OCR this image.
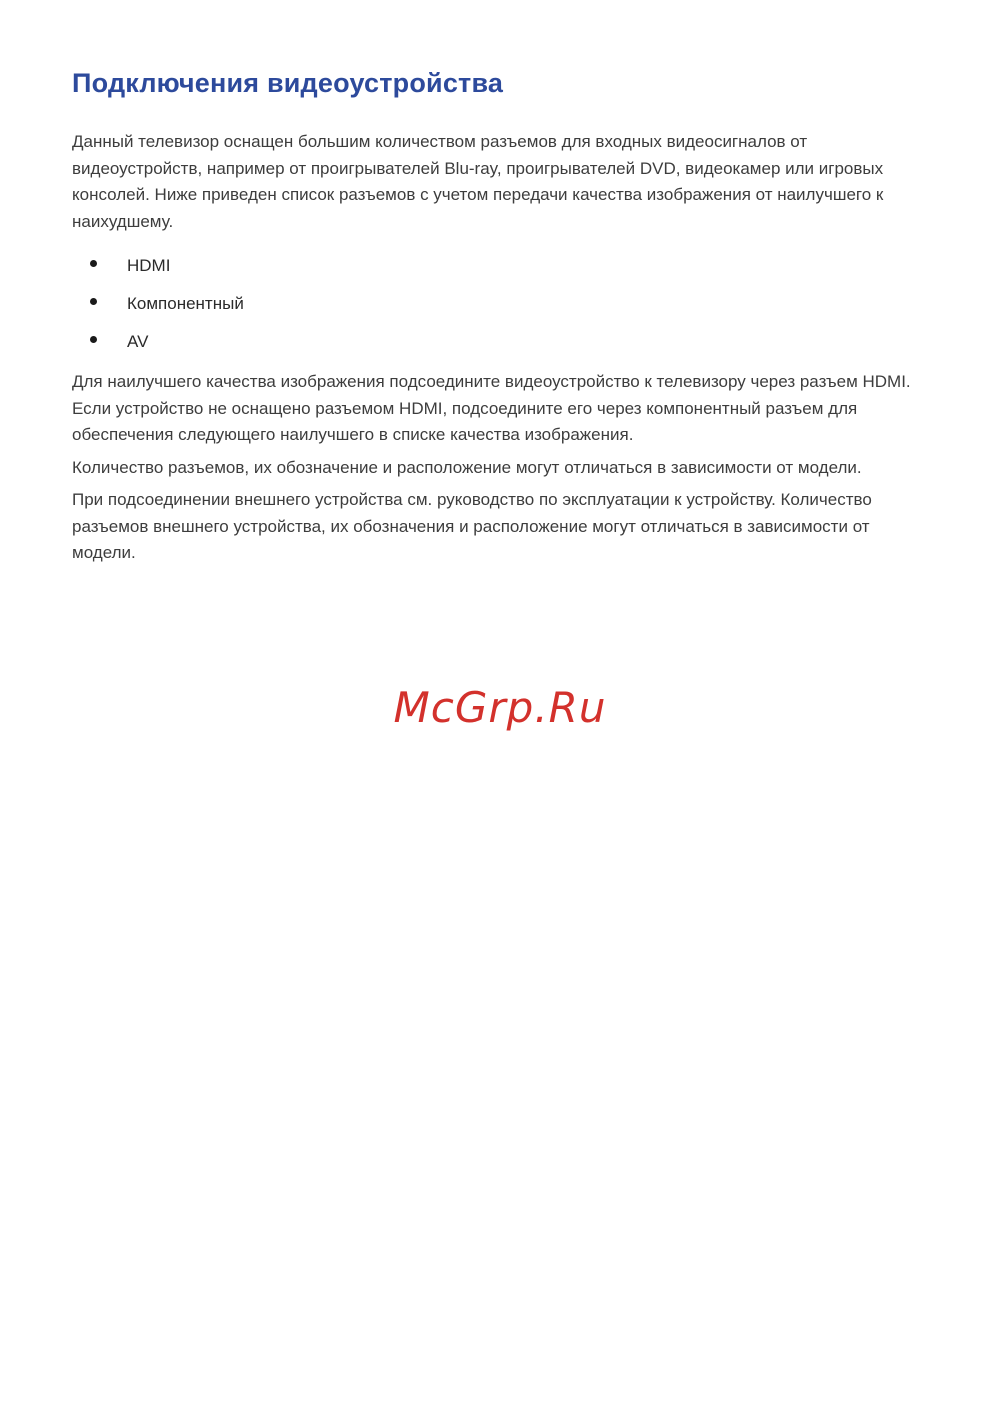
Подключения видеоустройства

Данный телевизор оснащен большим количеством разъемов для входных видеосигналов от видеоустройств, например от проигрывателей Blu-ray, проигрывателей DVD, видеокамер или игровых консолей. Ниже приведен список разъемов с учетом передачи качества изображения от наилучшего к наихудшему.

HDMI
Компонентный
AV

Для наилучшего качества изображения подсоедините видеоустройство к телевизору через разъем HDMI. Если устройство не оснащено разъемом HDMI, подсоедините его через компонентный разъем для обеспечения следующего наилучшего в списке качества изображения.

Количество разъемов, их обозначение и расположение могут отличаться в зависимости от модели.

При подсоединении внешнего устройства см. руководство по эксплуатации к устройству. Количество разъемов внешнего устройства, их обозначения и расположение могут отличаться в зависимости от модели.

McGrp.Ru
